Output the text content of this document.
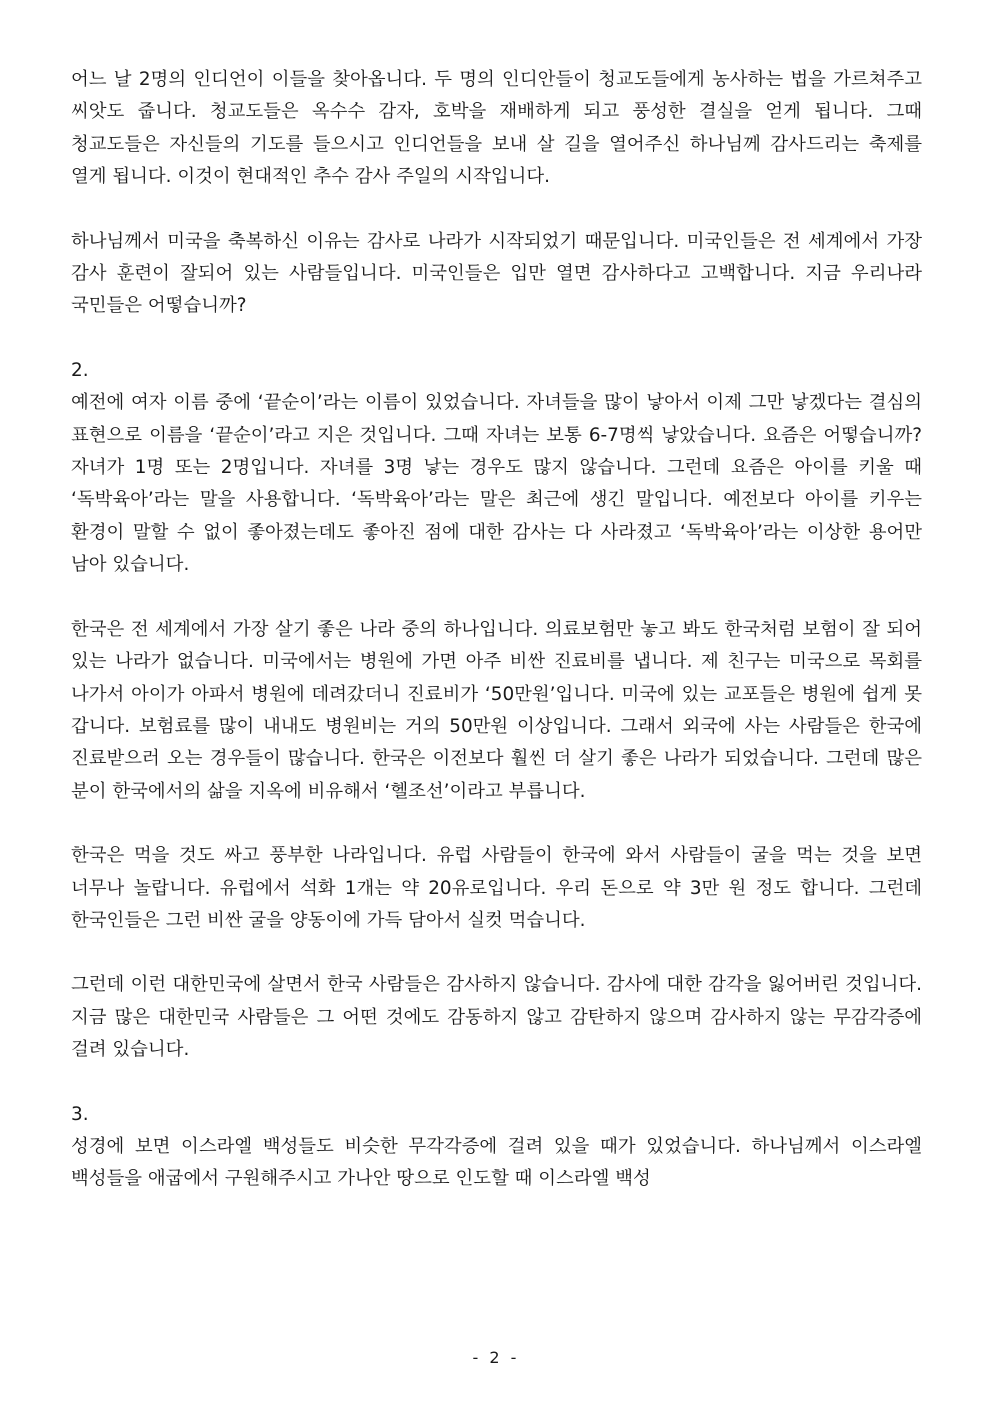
어느 날 2명의 인디언이 이들을 찾아옵니다. 두 명의 인디안들이 청교도들에게 농사하는 법을 가르쳐주고 씨앗도 줍니다. 청교도들은 옥수수 감자, 호박을 재배하게 되고 풍성한 결실을 얻게 됩니다. 그때 청교도들은 자신들의 기도를 들으시고 인디언들을 보내 살 길을 열어주신 하나님께 감사드리는 축제를 열게 됩니다. 이것이 현대적인 추수 감사 주일의 시작입니다.

하나님께서 미국을 축복하신 이유는 감사로 나라가 시작되었기 때문입니다. 미국인들은 전 세계에서 가장 감사 훈련이 잘되어 있는 사람들입니다. 미국인들은 입만 열면 감사하다고 고백합니다. 지금 우리나라 국민들은 어떻습니까?

2.

예전에 여자 이름 중에 ‘끝순이’라는 이름이 있었습니다. 자녀들을 많이 낳아서 이제 그만 낳겠다는 결심의 표현으로 이름을 ‘끝순이’라고 지은 것입니다. 그때 자녀는 보통 6-7명씩 낳았습니다. 요즘은 어떻습니까? 자녀가 1명 또는 2명입니다. 자녀를 3명 낳는 경우도 많지 않습니다. 그런데 요즘은 아이를 키울 때 ‘독박육아’라는 말을 사용합니다. ‘독박육아’라는 말은 최근에 생긴 말입니다. 예전보다 아이를 키우는 환경이 말할 수 없이 좋아졌는데도 좋아진 점에 대한 감사는 다 사라졌고 ‘독박육아’라는 이상한 용어만 남아 있습니다.

한국은 전 세계에서 가장 살기 좋은 나라 중의 하나입니다. 의료보험만 놓고 봐도 한국처럼 보험이 잘 되어 있는 나라가 없습니다. 미국에서는 병원에 가면 아주 비싼 진료비를 냅니다. 제 친구는 미국으로 목회를 나가서 아이가 아파서 병원에 데려갔더니 진료비가 ‘50만원’입니다. 미국에 있는 교포들은 병원에 쉽게 못 갑니다. 보험료를 많이 내내도 병원비는 거의 50만원 이상입니다. 그래서 외국에 사는 사람들은 한국에 진료받으러 오는 경우들이 많습니다. 한국은 이전보다 훨씬 더 살기 좋은 나라가 되었습니다. 그런데 많은 분이 한국에서의 삶을 지옥에 비유해서 ‘헬조선’이라고 부릅니다.

한국은 먹을 것도 싸고 풍부한 나라입니다. 유럽 사람들이 한국에 와서 사람들이 굴을 먹는 것을 보면 너무나 놀랍니다. 유럽에서 석화 1개는 약 20유로입니다. 우리 돈으로 약 3만 원 정도 합니다. 그런데 한국인들은 그런 비싼 굴을 양동이에 가득 담아서 실컷 먹습니다.

그런데 이런 대한민국에 살면서 한국 사람들은 감사하지 않습니다. 감사에 대한 감각을 잃어버린 것입니다. 지금 많은 대한민국 사람들은 그 어떤 것에도 감동하지 않고 감탄하지 않으며 감사하지 않는 무감각증에 걸려 있습니다.

3.

성경에 보면 이스라엘 백성들도 비슷한 무각각증에 걸려 있을 때가 있었습니다. 하나님께서 이스라엘 백성들을 애굽에서 구원해주시고 가나안 땅으로 인도할 때 이스라엘 백성

- 2 -
